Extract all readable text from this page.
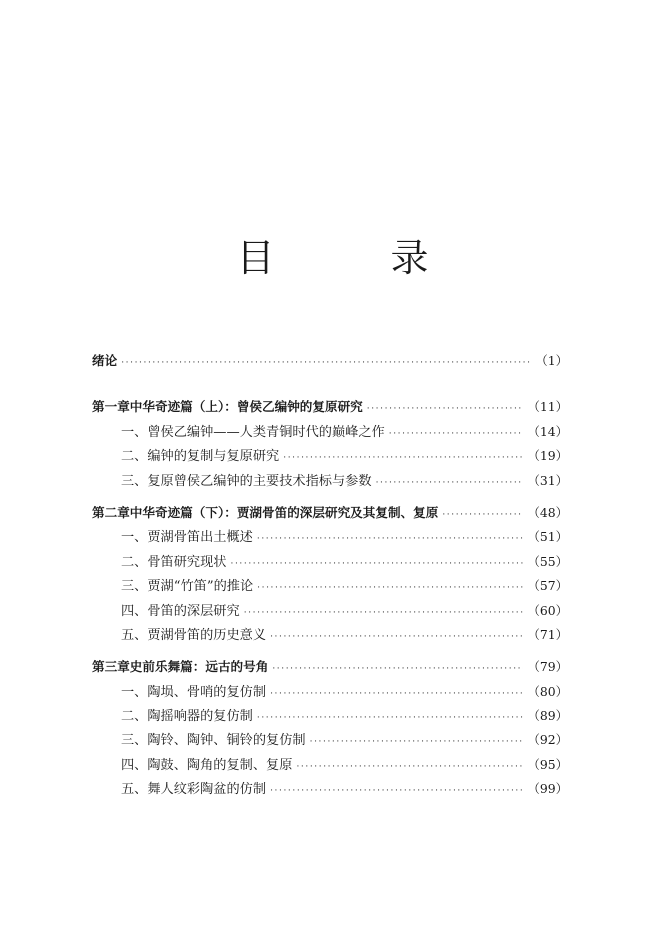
目 录
绪论 ·····	（1）
第一章 中华奇迹篇（上）：曾侯乙编钟的复原研究 ·····	（11）
一、曾侯乙编钟——人类青铜时代的巅峰之作 ·····	（14）
二、编钟的复制与复原研究 ·····	（19）
三、复原曾侯乙编钟的主要技术指标与参数 ·····	（31）
第二章 中华奇迹篇（下）：贾湖骨笛的深层研究及其复制、复原 ·····	（48）
一、贾湖骨笛出土概述 ·····	（51）
二、骨笛研究现状 ·····	（55）
三、贾湖“竹笛”的推论 ·····	（57）
四、骨笛的深层研究 ·····	（60）
五、贾湖骨笛的历史意义 ·····	（71）
第三章 史前乐舞篇：远古的号角 ·····	（79）
一、陶埙、骨哨的复仿制 ·····	（80）
二、陶摇响器的复仿制 ·····	（89）
三、陶铃、陶钟、铜铃的复仿制 ·····	（92）
四、陶鼓、陶角的复制、复原 ·····	（95）
五、舞人纹彩陶盆的仿制 ·····	（99）
